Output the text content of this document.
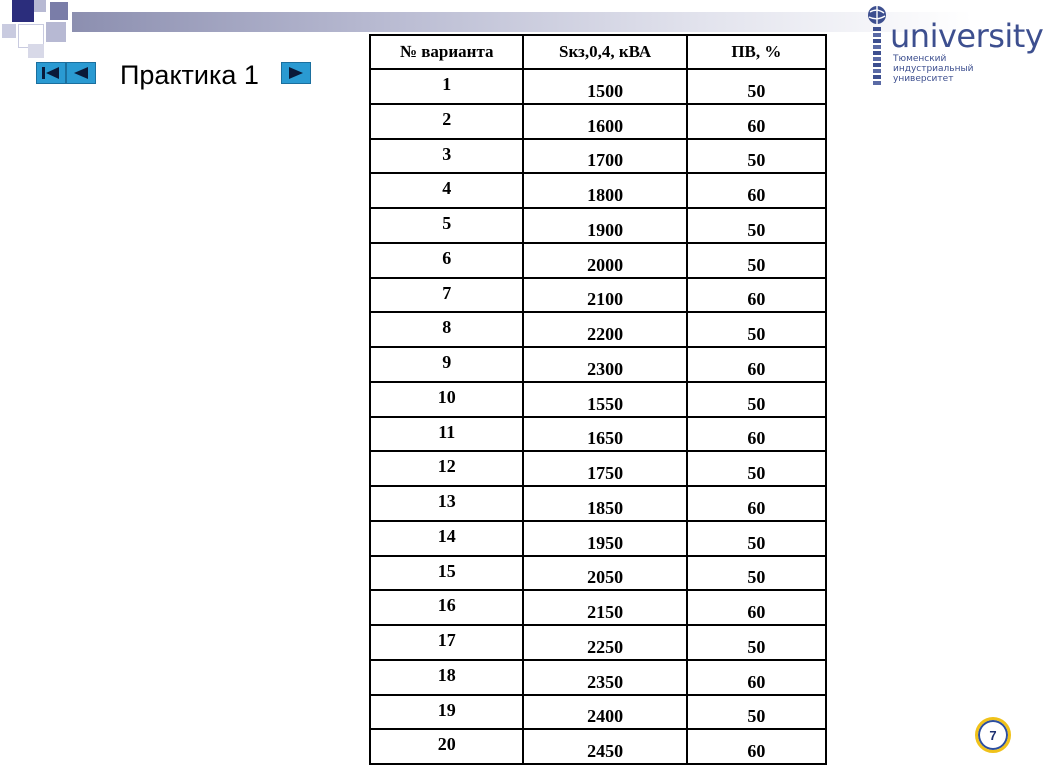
Практика 1
№ варианта	Sкз,0,4, кВА	ПВ, %
1	1500	50
2	1600	60
3	1700	50
4	1800	60
5	1900	50
6	2000	50
7	2100	60
8	2200	50
9	2300	60
10	1550	50
11	1650	60
12	1750	50
13	1850	60
14	1950	50
15	2050	50
16	2150	60
17	2250	50
18	2350	60
19	2400	50
20	2450	60
university
Тюменский
индустриальный
университет
7
